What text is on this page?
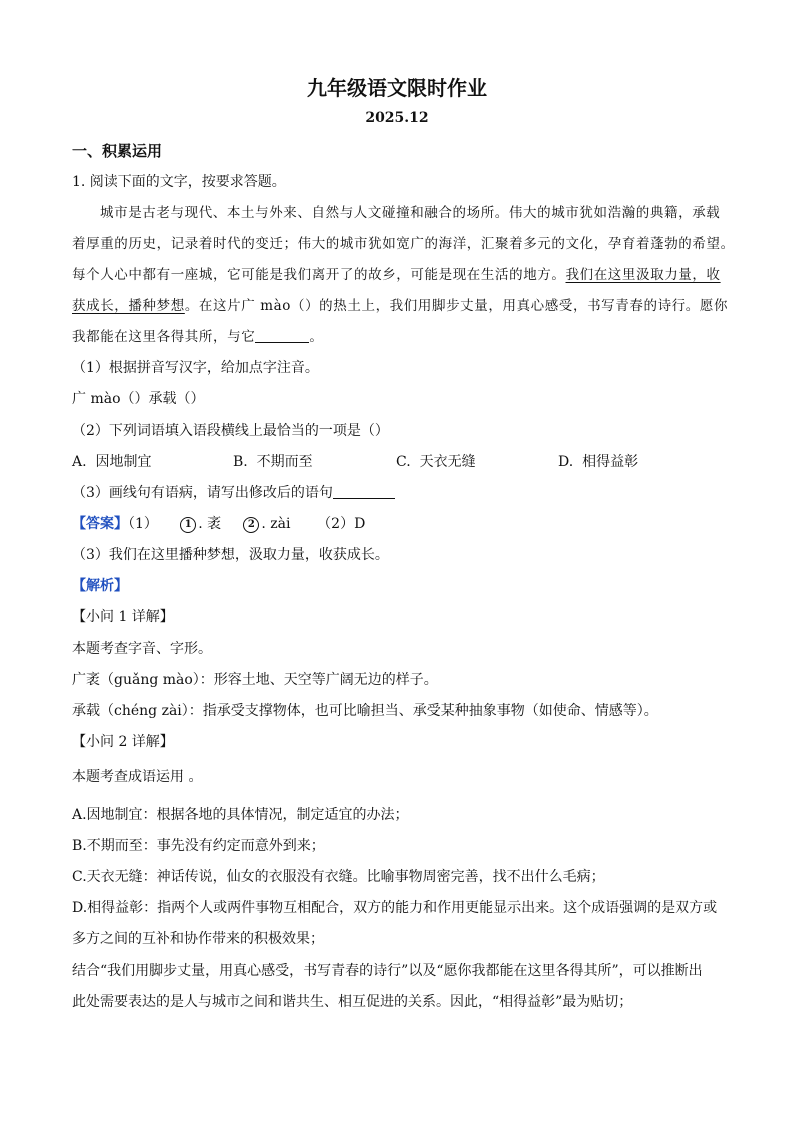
九年级语文限时作业
2025.12
一、积累运用
1. 阅读下面的文字，按要求答题。
城市是古老与现代、本土与外来、自然与人文碰撞和融合的场所。伟大的城市犹如浩瀚的典籍，承载
着厚重的历史，记录着时代的变迁；伟大的城市犹如宽广的海洋，汇聚着多元的文化，孕育着蓬勃的希望。
每个人心中都有一座城，它可能是我们离开了的故乡，可能是现在生活的地方。我们在这里汲取力量，收
获成长，播种梦想。在这片广 mào（）的热土上，我们用脚步丈量，用真心感受，书写青春的诗行。愿你
我都能在这里各得其所，与它	。
（1）根据拼音写汉字，给加点字注音。
广 mào（）承载（）
（2）下列词语填入语段横线上最恰当的一项是（）
A. 因地制宜	B. 不期而至	C. 天衣无缝	D. 相得益彰
（3）画线句有语病，请写出修改后的语句
【答案】（1）	1 . 袤	2 . zài （2）D
（3）我们在这里播种梦想，汲取力量，收获成长。
【解析】
【小问 1 详解】
本题考查字音、字形。
广袤（guǎng mào）：形容土地、天空等广阔无边的样子。
承载（chéng zài）：指承受支撑物体，也可比喻担当、承受某种抽象事物（如使命、情感等）。
【小问 2 详解】
本题考查成语运用 。
A.因地制宜：根据各地的具体情况，制定适宜的办法；
B.不期而至：事先没有约定而意外到来；
C.天衣无缝：神话传说，仙女的衣服没有衣缝。比喻事物周密完善，找不出什么毛病；
D.相得益彰：指两个人或两件事物互相配合，双方的能力和作用更能显示出来。这个成语强调的是双方或
多方之间的互补和协作带来的积极效果；
结合“我们用脚步丈量，用真心感受，书写青春的诗行”以及“愿你我都能在这里各得其所”，可以推断出
此处需要表达的是人与城市之间和谐共生、相互促进的关系。因此，“相得益彰”最为贴切；
